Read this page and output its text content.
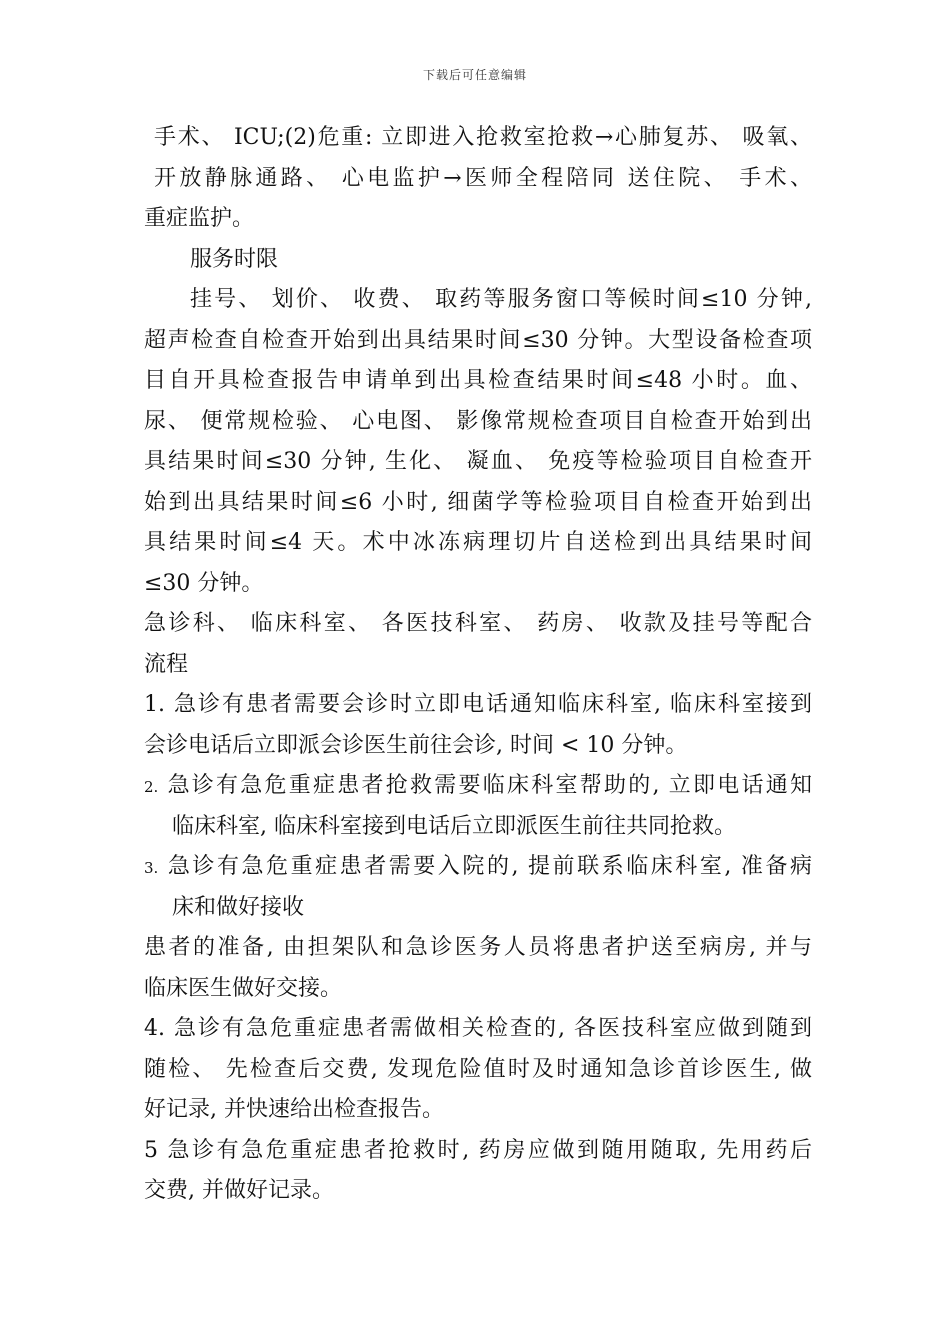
下载后可任意编辑
手术、 ICU;(2)危重: 立即进入抢救室抢救→心肺复苏、 吸氧、
开放静脉通路、 心电监护→医师全程陪同 送住院、 手术、
重症监护。
服务时限
挂号、 划价、 收费、 取药等服务窗口等候时间≤10 分钟,
超声检查自检查开始到出具结果时间≤30 分钟。大型设备检查项
目自开具检查报告申请单到出具检查结果时间≤48 小时。血、
尿、 便常规检验、 心电图、 影像常规检查项目自检查开始到出
具结果时间≤30 分钟, 生化、 凝血、 免疫等检验项目自检查开
始到出具结果时间≤6 小时, 细菌学等检验项目自检查开始到出
具结果时间≤4 天。术中冰冻病理切片自送检到出具结果时间
≤30 分钟。
急诊科、 临床科室、 各医技科室、 药房、 收款及挂号等配合
流程
1. 急诊有患者需要会诊时立即电话通知临床科室, 临床科室接到
会诊电话后立即派会诊医生前往会诊, 时间 < 10 分钟。
2. 急诊有急危重症患者抢救需要临床科室帮助的, 立即电话通知
临床科室, 临床科室接到电话后立即派医生前往共同抢救。
3. 急诊有急危重症患者需要入院的, 提前联系临床科室, 准备病
床和做好接收
患者的准备, 由担架队和急诊医务人员将患者护送至病房, 并与
临床医生做好交接。
4. 急诊有急危重症患者需做相关检查的, 各医技科室应做到随到
随检、 先检查后交费, 发现危险值时及时通知急诊首诊医生, 做
好记录, 并快速给出检查报告。
5 急诊有急危重症患者抢救时, 药房应做到随用随取, 先用药后
交费, 并做好记录。
